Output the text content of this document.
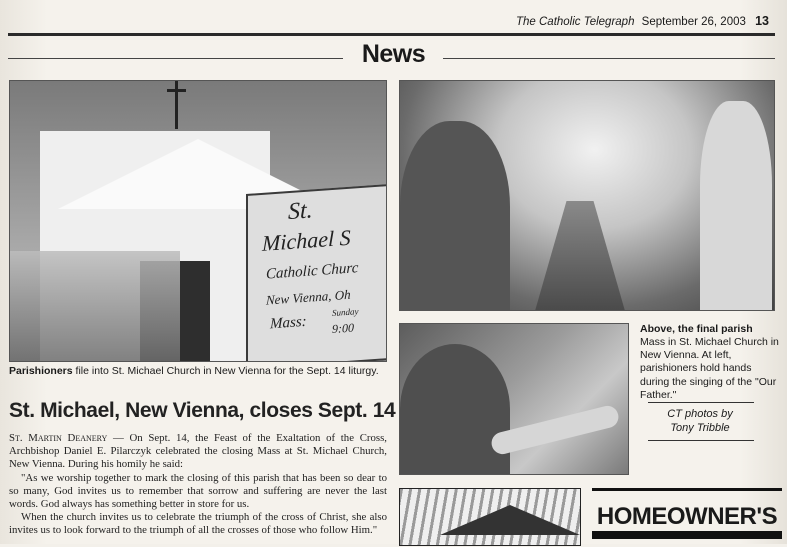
The Catholic Telegraph September 26, 2003 13
News
St.
Michael S
Catholic Churc
New Vienna, Oh
Mass:
Sunday
9:00
Parishioners file into St. Michael Church in New Vienna for the Sept. 14 liturgy.
Above, the final parish Mass in St. Michael Church in New Vienna. At left, parishioners hold hands during the singing of the "Our Father."
CT photos by
Tony Tribble
St. Michael, New Vienna, closes Sept. 14

St. Martin Deanery — On Sept. 14, the Feast of the Exaltation of the Cross, Archbishop Daniel E. Pilarczyk celebrated the closing Mass at St. Michael Church, New Vienna. During his homily he said:

"As we worship together to mark the closing of this parish that has been so dear to so many, God invites us to remember that sorrow and suffering are never the last words. God always has something better in store for us.

When the church invites us to celebrate the triumph of the cross of Christ, she also invites us to look forward to the triumph of all the crosses of those who follow Him."

HOMEOWNER'S
